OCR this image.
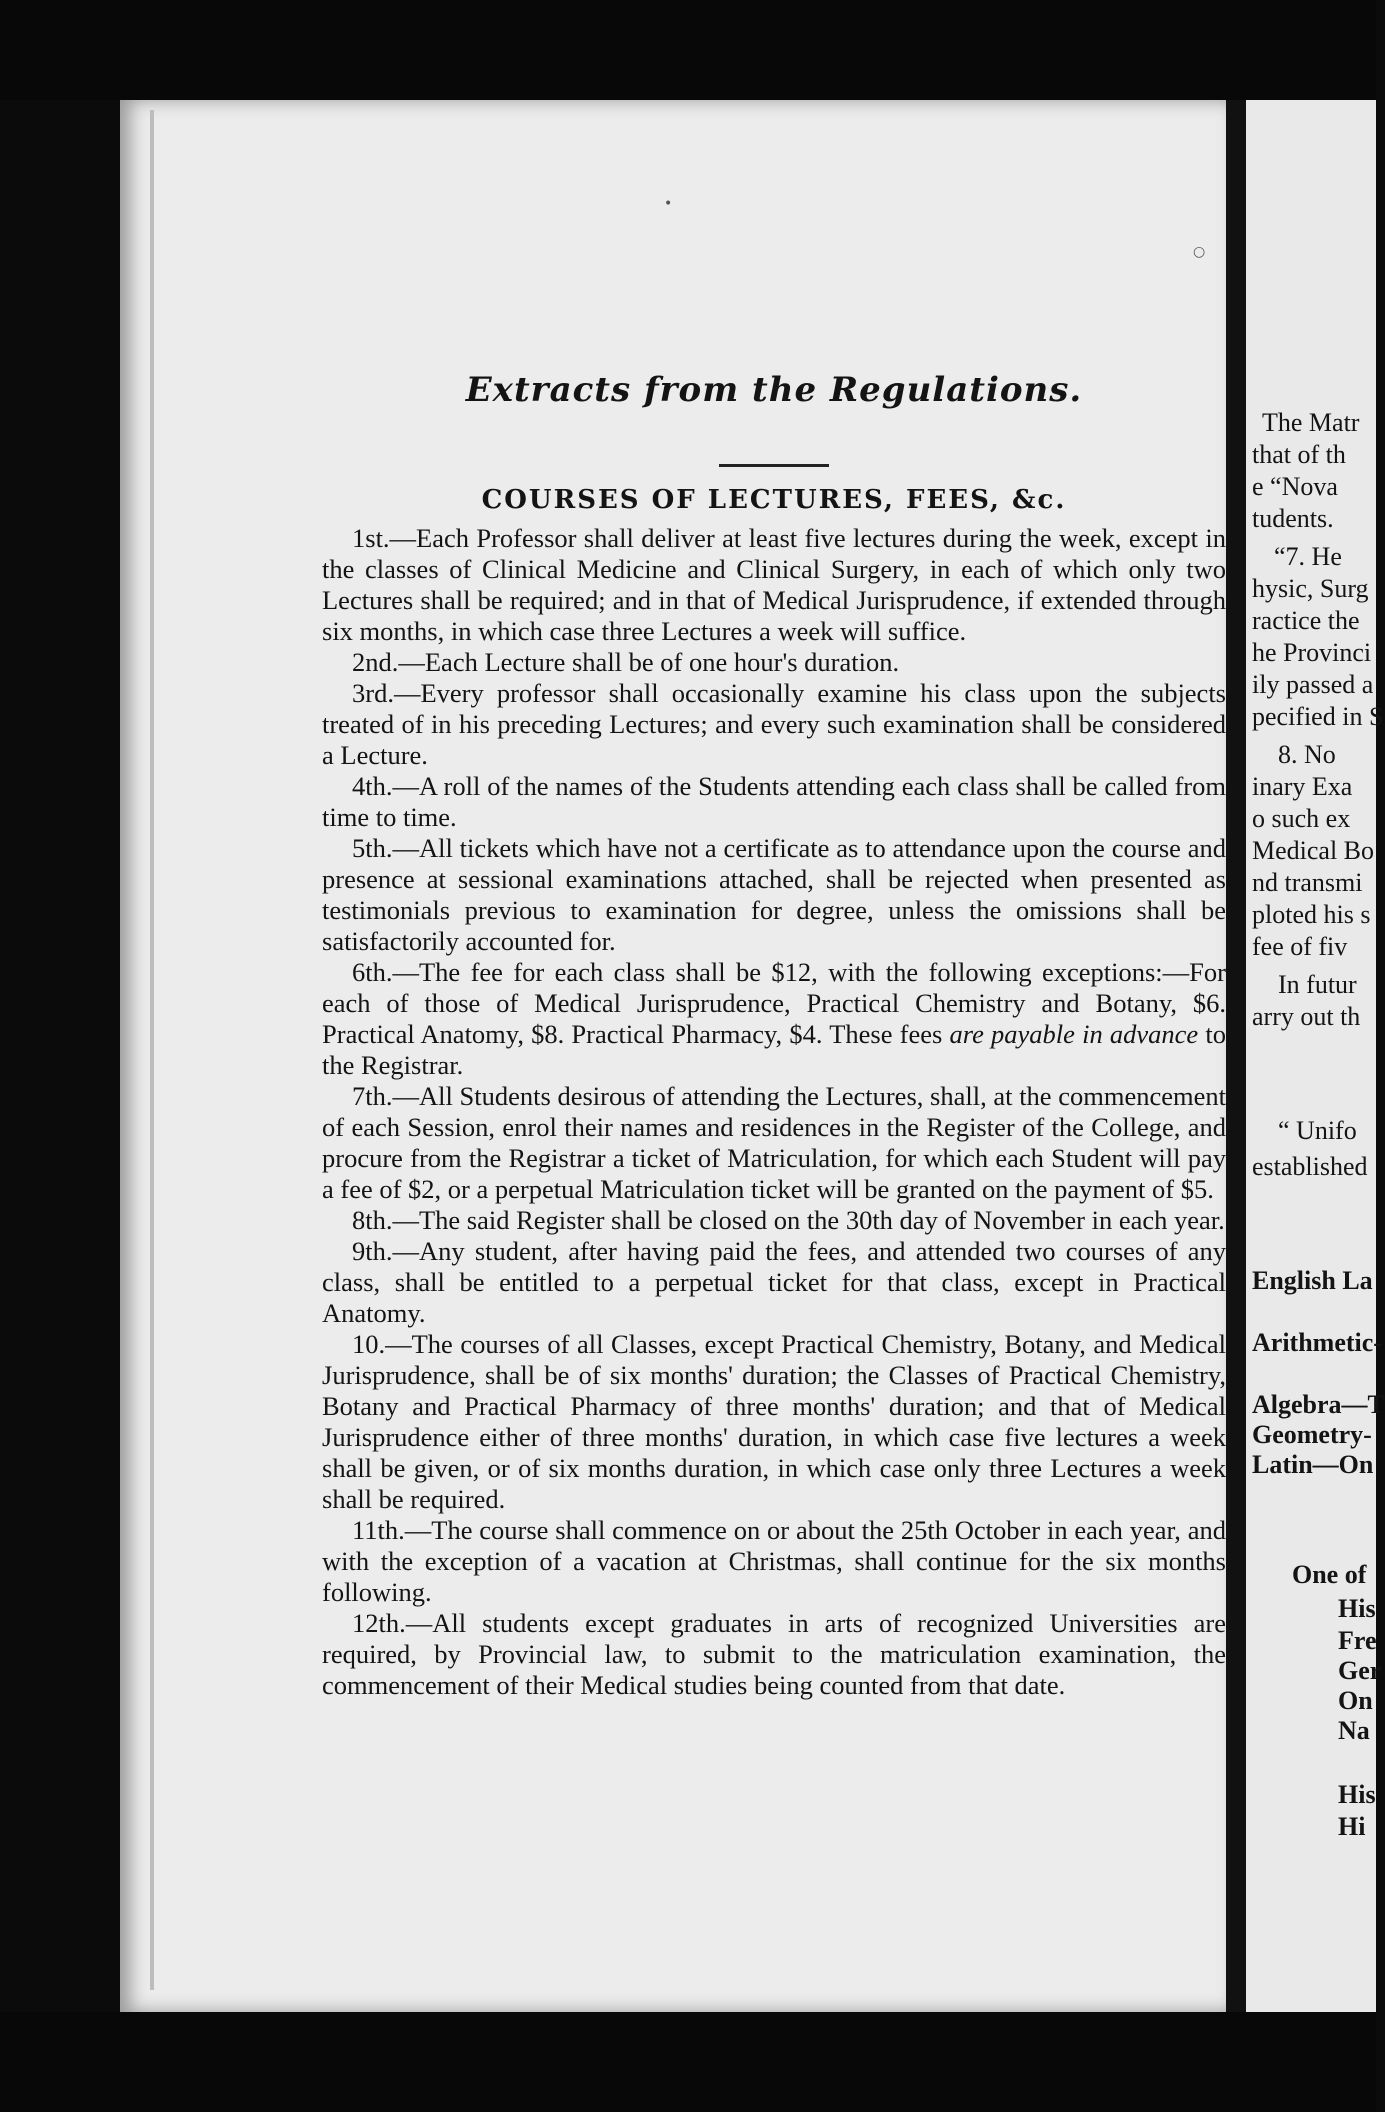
•
○
Extracts from the Regulations.
COURSES OF LECTURES, FEES, &c.

1st.—Each Professor shall deliver at least five lectures during the week, except in the classes of Clinical Medicine and Clinical Surgery, in each of which only two Lectures shall be required; and in that of Medical Jurisprudence, if extended through six months, in which case three Lectures a week will suffice.

2nd.—Each Lecture shall be of one hour's duration.

3rd.—Every professor shall occasionally examine his class upon the subjects treated of in his preceding Lectures; and every such examination shall be considered a Lecture.

4th.—A roll of the names of the Students attending each class shall be called from time to time.

5th.—All tickets which have not a certificate as to attendance upon the course and presence at sessional examinations attached, shall be rejected when presented as testimonials previous to examination for degree, unless the omissions shall be satisfactorily accounted for.

6th.—The fee for each class shall be $12, with the following exceptions:—For each of those of Medical Jurisprudence, Practical Chemistry and Botany, $6. Practical Anatomy, $8. Practical Pharmacy, $4. These fees are payable in advance to the Registrar.

7th.—All Students desirous of attending the Lectures, shall, at the commencement of each Session, enrol their names and residences in the Register of the College, and procure from the Registrar a ticket of Matriculation, for which each Student will pay a fee of $2, or a perpetual Matriculation ticket will be granted on the payment of $5.

8th.—The said Register shall be closed on the 30th day of November in each year.

9th.—Any student, after having paid the fees, and attended two courses of any class, shall be entitled to a perpetual ticket for that class, except in Practical Anatomy.

10.—The courses of all Classes, except Practical Chemistry, Botany, and Medical Jurisprudence, shall be of six months' duration; the Classes of Practical Chemistry, Botany and Practical Pharmacy of three months' duration; and that of Medical Jurisprudence either of three months' duration, in which case five lectures a week shall be given, or of six months duration, in which case only three Lectures a week shall be required.

11th.—The course shall commence on or about the 25th October in each year, and with the exception of a vacation at Christmas, shall continue for the six months following.

12th.—All students except graduates in arts of recognized Universities are required, by Provincial law, to submit to the matriculation examination, the commencement of their Medical studies being counted from that date.

The Matr
that of th
e “Nova
tudents.
“7. He
hysic, Surg
ractice the
he Provinci
ily passed a
pecified in S
8. No
inary Exa
o such ex
Medical Bo
nd transmi
ploted his s
fee of fiv
In futur
arry out th
“ Unifo
established
English La
Arithmetic-
Algebra—T
Geometry-
Latin—On
One of
His
Fre
Ger
On
Na
His
Hi
